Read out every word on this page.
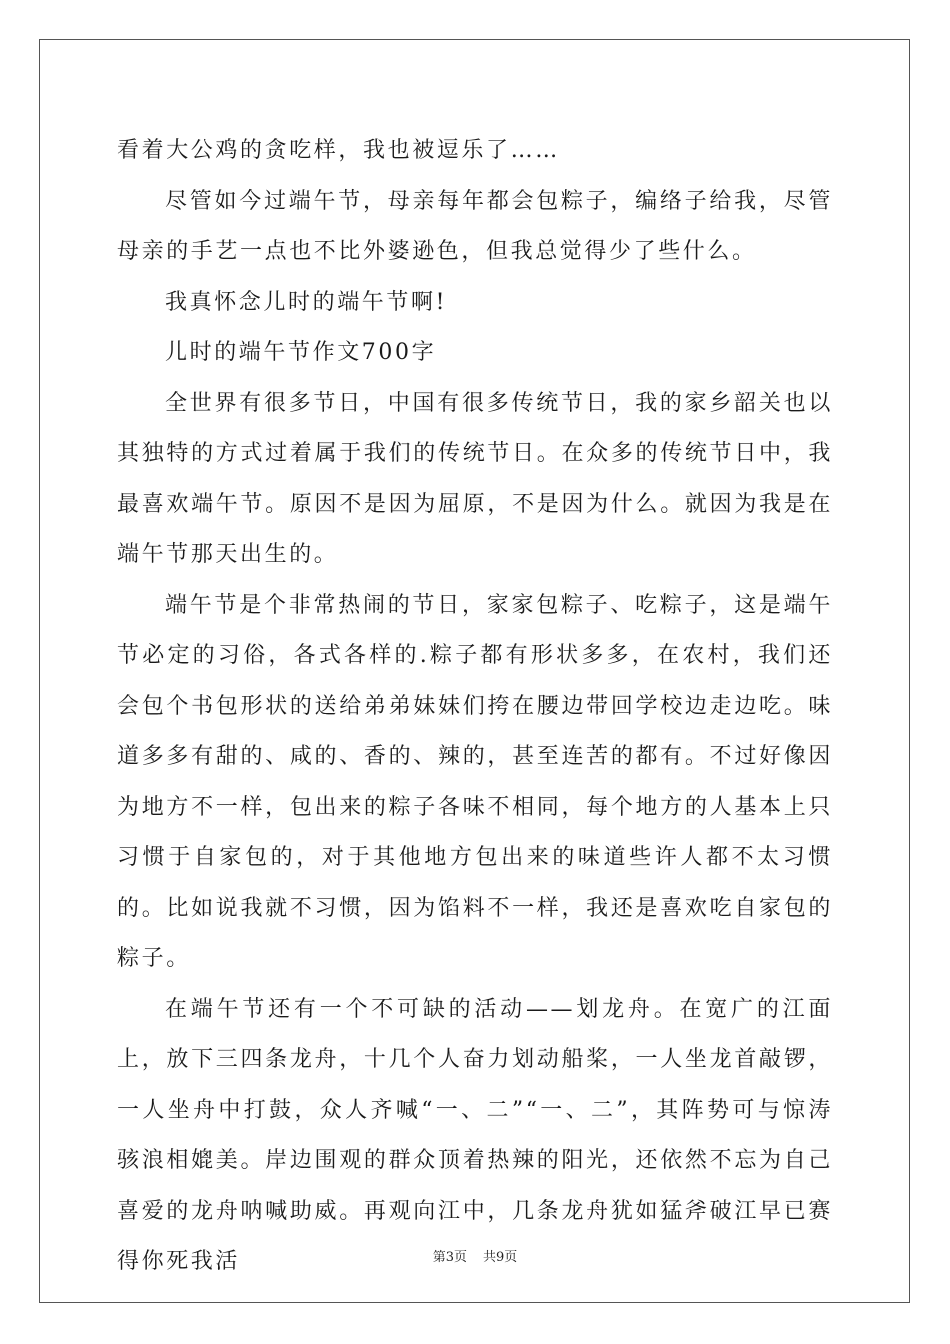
看着大公鸡的贪吃样，我也被逗乐了……

尽管如今过端午节，母亲每年都会包粽子，编络子给我，尽管母亲的手艺一点也不比外婆逊色，但我总觉得少了些什么。

我真怀念儿时的端午节啊!

儿时的端午节作文700字

全世界有很多节日，中国有很多传统节日，我的家乡韶关也以其独特的方式过着属于我们的传统节日。在众多的传统节日中，我最喜欢端午节。原因不是因为屈原，不是因为什么。就因为我是在端午节那天出生的。

端午节是个非常热闹的节日，家家包粽子、吃粽子，这是端午节必定的习俗，各式各样的.粽子都有形状多多，在农村，我们还会包个书包形状的送给弟弟妹妹们挎在腰边带回学校边走边吃。味道多多有甜的、咸的、香的、辣的，甚至连苦的都有。不过好像因为地方不一样，包出来的粽子各味不相同，每个地方的人基本上只习惯于自家包的，对于其他地方包出来的味道些许人都不太习惯的。比如说我就不习惯，因为馅料不一样，我还是喜欢吃自家包的粽子。

在端午节还有一个不可缺的活动——划龙舟。在宽广的江面上，放下三四条龙舟，十几个人奋力划动船桨，一人坐龙首敲锣，一人坐舟中打鼓，众人齐喊“一、二”“一、二”，其阵势可与惊涛骇浪相媲美。岸边围观的群众顶着热辣的阳光，还依然不忘为自己喜爱的龙舟呐喊助威。再观向江中，几条龙舟犹如猛斧破江早已赛得你死我活	第3页 共9页
